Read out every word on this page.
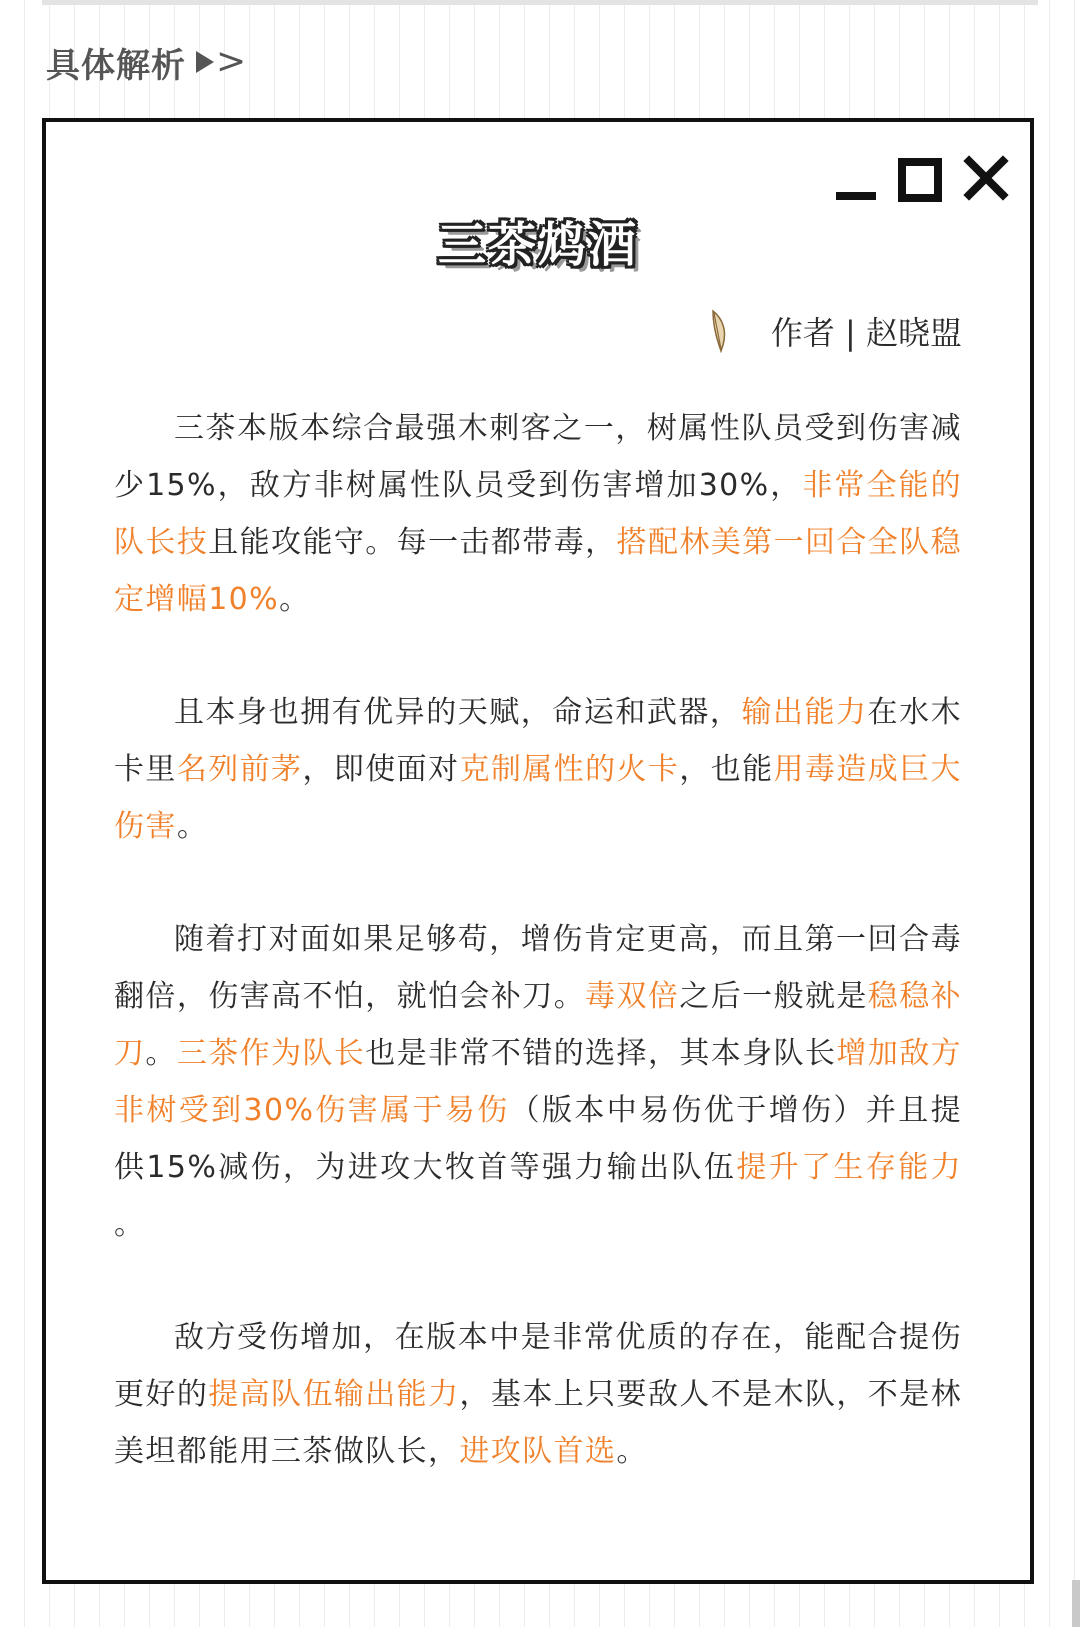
具体解析 >
三茶鸩酒
作者 | 赵晓盟

三茶本版本综合最强木刺客之一，树属性队员受到伤害减少15%，敌方非树属性队员受到伤害增加30%，非常全能的队长技且能攻能守。每一击都带毒，搭配林美第一回合全队稳定增幅10%。

且本身也拥有优异的天赋，命运和武器，输出能力在水木卡里名列前茅，即使面对克制属性的火卡，也能用毒造成巨大伤害。

随着打对面如果足够苟，增伤肯定更高，而且第一回合毒翻倍，伤害高不怕，就怕会补刀。毒双倍之后一般就是稳稳补刀。三茶作为队长也是非常不错的选择，其本身队长增加敌方非树受到30%伤害属于易伤（版本中易伤优于增伤）并且提供15%减伤，为进攻大牧首等强力输出队伍提升了生存能力 。

敌方受伤增加，在版本中是非常优质的存在，能配合提伤更好的提高队伍输出能力，基本上只要敌人不是木队，不是林美坦都能用三茶做队长，进攻队首选。
